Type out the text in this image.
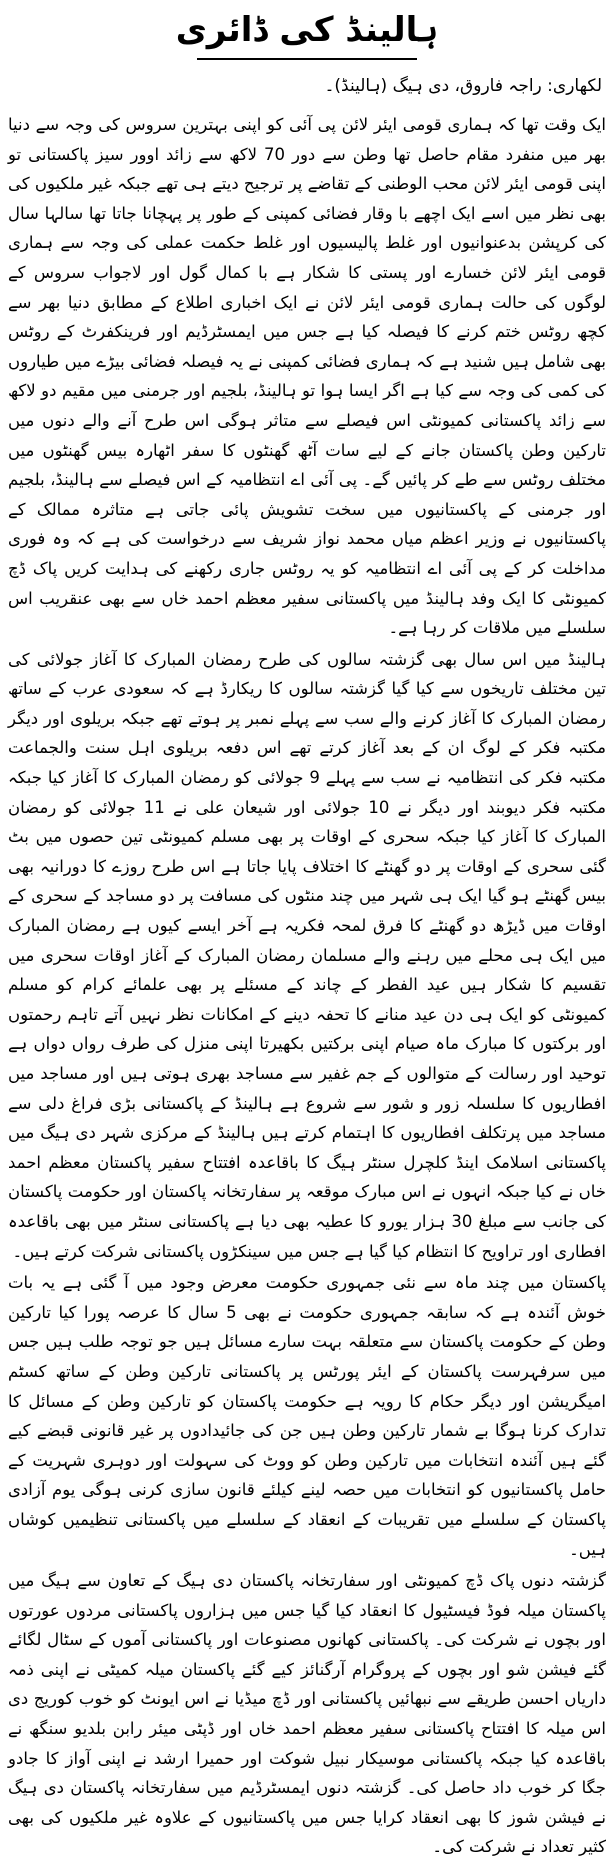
ہالینڈ کی ڈائری
لکھاری: راجہ فاروق، دی ہیگ (ہالینڈ)۔

ایک وقت تھا کہ ہماری قومی ایئر لائن پی آئی کو اپنی بہترین سروس کی وجہ سے دنیا بھر میں منفرد مقام حاصل تھا وطن سے دور 70 لاکھ سے زائد اوور سیز پاکستانی تو اپنی قومی ایئر لائن محب الوطنی کے تقاضے پر ترجیح دیتے ہی تھے جبکہ غیر ملکیوں کی بھی نظر میں اسے ایک اچھے با وقار فضائی کمپنی کے طور پر پہچانا جاتا تھا سالہا سال کی کرپشن بدعنوانیوں اور غلط پالیسیوں اور غلط حکمت عملی کی وجہ سے ہماری قومی ایئر لائن خسارے اور پستی کا شکار ہے با کمال گول اور لاجواب سروس کے لوگوں کی حالت ہماری قومی ایئر لائن نے ایک اخباری اطلاع کے مطابق دنیا بھر سے کچھ روٹس ختم کرنے کا فیصلہ کیا ہے جس میں ایمسٹرڈیم اور فرینکفرٹ کے روٹس بھی شامل ہیں شنید ہے کہ ہماری فضائی کمپنی نے یہ فیصلہ فضائی بیڑے میں طیاروں کی کمی کی وجہ سے کیا ہے اگر ایسا ہوا تو ہالینڈ، بلجیم اور جرمنی میں مقیم دو لاکھ سے زائد پاکستانی کمیونٹی اس فیصلے سے متاثر ہوگی اس طرح آنے والے دنوں میں تارکین وطن پاکستان جانے کے لیے سات آٹھ گھنٹوں کا سفر اٹھارہ بیس گھنٹوں میں مختلف روٹس سے طے کر پائیں گے۔ پی آئی اے انتظامیہ کے اس فیصلے سے ہالینڈ، بلجیم اور جرمنی کے پاکستانیوں میں سخت تشویش پائی جاتی ہے متاثرہ ممالک کے پاکستانیوں نے وزیر اعظم میاں محمد نواز شریف سے درخواست کی ہے کہ وہ فوری مداخلت کر کے پی آئی اے انتظامیہ کو یہ روٹس جاری رکھنے کی ہدایت کریں پاک ڈچ کمیونٹی کا ایک وفد ہالینڈ میں پاکستانی سفیر معظم احمد خاں سے بھی عنقریب اس سلسلے میں ملاقات کر رہا ہے۔

ہالینڈ میں اس سال بھی گزشتہ سالوں کی طرح رمضان المبارک کا آغاز جولائی کی تین مختلف تاریخوں سے کیا گیا گزشتہ سالوں کا ریکارڈ ہے کہ سعودی عرب کے ساتھ رمضان المبارک کا آغاز کرنے والے سب سے پہلے نمبر پر ہوتے تھے جبکہ بریلوی اور دیگر مکتبہ فکر کے لوگ ان کے بعد آغاز کرتے تھے اس دفعہ بریلوی اہل سنت والجماعت مکتبہ فکر کی انتظامیہ نے سب سے پہلے 9 جولائی کو رمضان المبارک کا آغاز کیا جبکہ مکتبہ فکر دیوبند اور دیگر نے 10 جولائی اور شیعان علی نے 11 جولائی کو رمضان المبارک کا آغاز کیا جبکہ سحری کے اوقات پر بھی مسلم کمیونٹی تین حصوں میں بٹ گئی سحری کے اوقات پر دو گھنٹے کا اختلاف پایا جاتا ہے اس طرح روزے کا دورانیہ بھی بیس گھنٹے ہو گیا ایک ہی شہر میں چند منٹوں کی مسافت پر دو مساجد کے سحری کے اوقات میں ڈیڑھ دو گھنٹے کا فرق لمحہ فکریہ ہے آخر ایسے کیوں ہے رمضان المبارک میں ایک ہی محلے میں رہنے والے مسلمان رمضان المبارک کے آغاز اوقات سحری میں تقسیم کا شکار ہیں عید الفطر کے چاند کے مسئلے پر بھی علمائے کرام کو مسلم کمیونٹی کو ایک ہی دن عید منانے کا تحفہ دینے کے امکانات نظر نہیں آتے تاہم رحمتوں اور برکتوں کا مبارک ماہ صیام اپنی برکتیں بکھیرتا اپنی منزل کی طرف رواں دواں ہے توحید اور رسالت کے متوالوں کے جم غفیر سے مساجد بھری ہوتی ہیں اور مساجد میں افطاریوں کا سلسلہ زور و شور سے شروع ہے ہالینڈ کے پاکستانی بڑی فراغ دلی سے مساجد میں پرتکلف افطاریوں کا اہتمام کرتے ہیں ہالینڈ کے مرکزی شہر دی ہیگ میں پاکستانی اسلامک اینڈ کلچرل سنٹر ہیگ کا باقاعدہ افتتاح سفیر پاکستان معظم احمد خاں نے کیا جبکہ انہوں نے اس مبارک موقعہ پر سفارتخانہ پاکستان اور حکومت پاکستان کی جانب سے مبلغ 30 ہزار یورو کا عطیہ بھی دیا ہے پاکستانی سنٹر میں بھی باقاعدہ افطاری اور تراویح کا انتظام کیا گیا ہے جس میں سینکڑوں پاکستانی شرکت کرتے ہیں۔

پاکستان میں چند ماہ سے نئی جمہوری حکومت معرض وجود میں آ گئی ہے یہ بات خوش آئندہ ہے کہ سابقہ جمہوری حکومت نے بھی 5 سال کا عرصہ پورا کیا تارکین وطن کے حکومت پاکستان سے متعلقہ بہت سارے مسائل ہیں جو توجہ طلب ہیں جس میں سرفہرست پاکستان کے ایئر پورٹس پر پاکستانی تارکین وطن کے ساتھ کسٹم امیگریشن اور دیگر حکام کا رویہ ہے حکومت پاکستان کو تارکین وطن کے مسائل کا تدارک کرنا ہوگا بے شمار تارکین وطن ہیں جن کی جائیدادوں پر غیر قانونی قبضے کیے گئے ہیں آئندہ انتخابات میں تارکین وطن کو ووٹ کی سہولت اور دوہری شہریت کے حامل پاکستانیوں کو انتخابات میں حصہ لینے کیلئے قانون سازی کرنی ہوگی یوم آزادی پاکستان کے سلسلے میں تقریبات کے انعقاد کے سلسلے میں پاکستانی تنظیمیں کوشاں ہیں۔

گزشتہ دنوں پاک ڈچ کمیونٹی اور سفارتخانہ پاکستان دی ہیگ کے تعاون سے ہیگ میں پاکستان میلہ فوڈ فیسٹیول کا انعقاد کیا گیا جس میں ہزاروں پاکستانی مردوں عورتوں اور بچوں نے شرکت کی۔ پاکستانی کھانوں مصنوعات اور پاکستانی آموں کے سٹال لگائے گئے فیشن شو اور بچوں کے پروگرام آرگنائز کیے گئے پاکستان میلہ کمیٹی نے اپنی ذمہ داریاں احسن طریقے سے نبھائیں پاکستانی اور ڈچ میڈیا نے اس ایونٹ کو خوب کوریج دی اس میلہ کا افتتاح پاکستانی سفیر معظم احمد خاں اور ڈپٹی میئر رابن بلدیو سنگھ نے باقاعدہ کیا جبکہ پاکستانی موسیکار نبیل شوکت اور حمیرا ارشد نے اپنی آواز کا جادو جگا کر خوب داد حاصل کی۔ گزشتہ دنوں ایمسٹرڈیم میں سفارتخانہ پاکستان دی ہیگ نے فیشن شوز کا بھی انعقاد کرایا جس میں پاکستانیوں کے علاوہ غیر ملکیوں کی بھی کثیر تعداد نے شرکت کی۔
